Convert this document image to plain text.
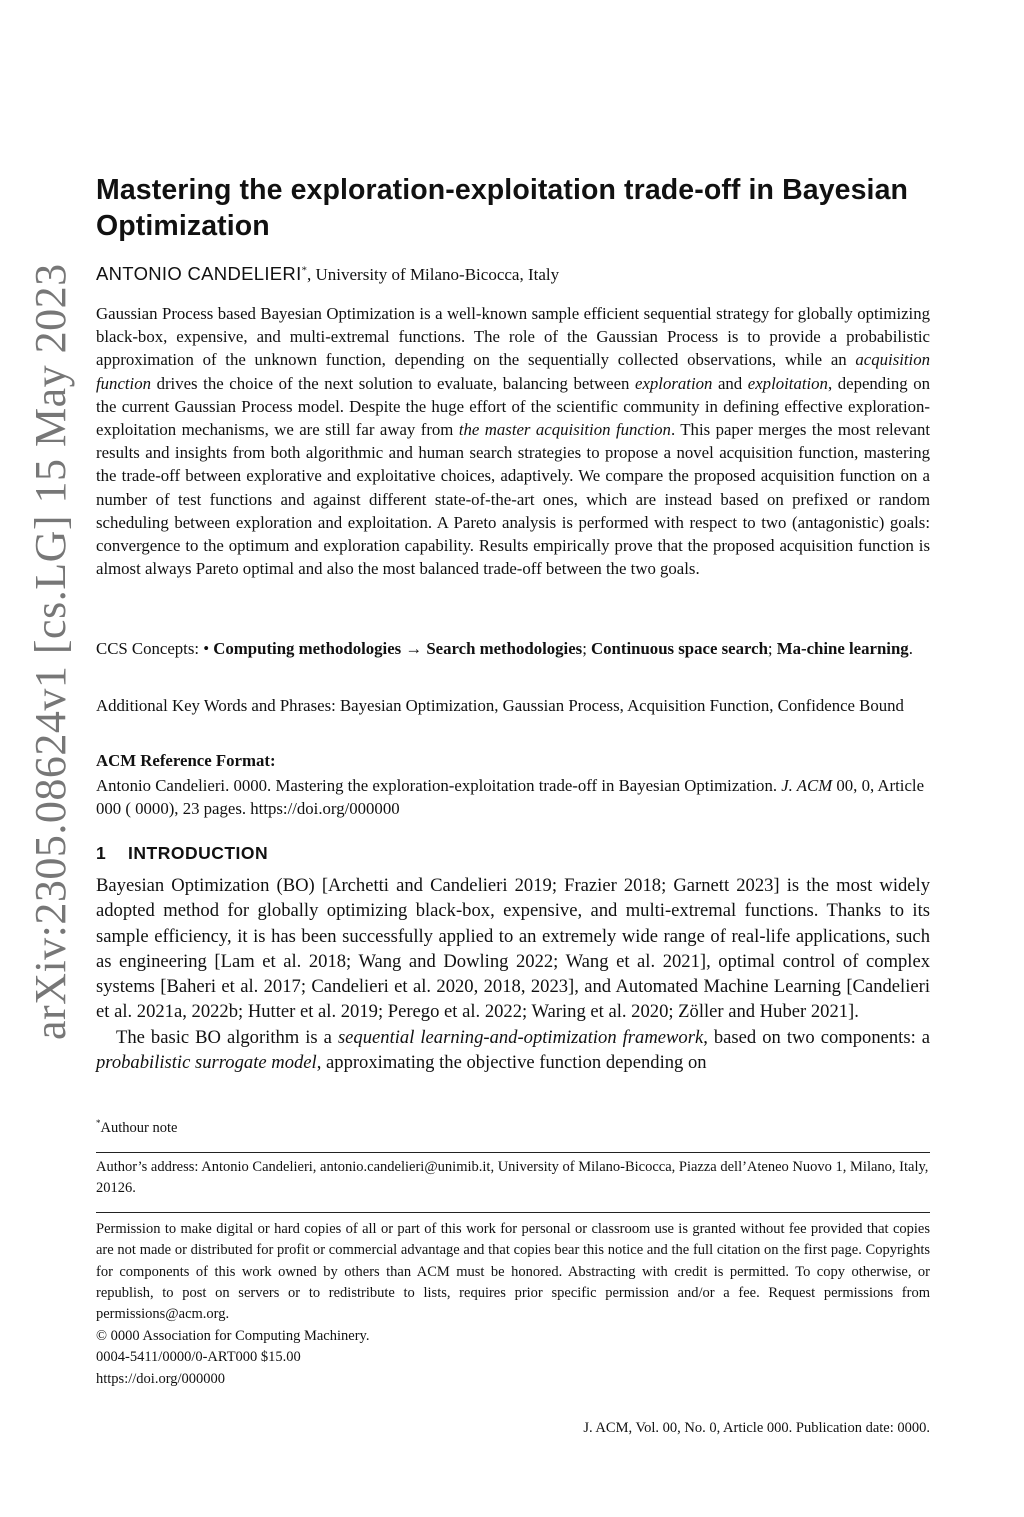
arXiv:2305.08624v1 [cs.LG] 15 May 2023
Mastering the exploration-exploitation trade-off in Bayesian Optimization
ANTONIO CANDELIERI*, University of Milano-Bicocca, Italy
Gaussian Process based Bayesian Optimization is a well-known sample efficient sequential strategy for globally optimizing black-box, expensive, and multi-extremal functions. The role of the Gaussian Process is to provide a probabilistic approximation of the unknown function, depending on the sequentially collected observations, while an acquisition function drives the choice of the next solution to evaluate, balancing between exploration and exploitation, depending on the current Gaussian Process model. Despite the huge effort of the scientific community in defining effective exploration-exploitation mechanisms, we are still far away from the master acquisition function. This paper merges the most relevant results and insights from both algorithmic and human search strategies to propose a novel acquisition function, mastering the trade-off between explorative and exploitative choices, adaptively. We compare the proposed acquisition function on a number of test functions and against different state-of-the-art ones, which are instead based on prefixed or random scheduling between exploration and exploitation. A Pareto analysis is performed with respect to two (antagonistic) goals: convergence to the optimum and exploration capability. Results empirically prove that the proposed acquisition function is almost always Pareto optimal and also the most balanced trade-off between the two goals.
CCS Concepts: • Computing methodologies → Search methodologies; Continuous space search; Ma-chine learning.
Additional Key Words and Phrases: Bayesian Optimization, Gaussian Process, Acquisition Function, Confidence Bound
ACM Reference Format:
Antonio Candelieri. 0000. Mastering the exploration-exploitation trade-off in Bayesian Optimization. J. ACM 00, 0, Article 000 ( 0000), 23 pages. https://doi.org/000000
1 INTRODUCTION

Bayesian Optimization (BO) [Archetti and Candelieri 2019; Frazier 2018; Garnett 2023] is the most widely adopted method for globally optimizing black-box, expensive, and multi-extremal functions. Thanks to its sample efficiency, it is has been successfully applied to an extremely wide range of real-life applications, such as engineering [Lam et al. 2018; Wang and Dowling 2022; Wang et al. 2021], optimal control of complex systems [Baheri et al. 2017; Candelieri et al. 2020, 2018, 2023], and Automated Machine Learning [Candelieri et al. 2021a, 2022b; Hutter et al. 2019; Perego et al. 2022; Waring et al. 2020; Zöller and Huber 2021].

The basic BO algorithm is a sequential learning-and-optimization framework, based on two components: a probabilistic surrogate model, approximating the objective function depending on

*Authour note
Author’s address: Antonio Candelieri, antonio.candelieri@unimib.it, University of Milano-Bicocca, Piazza dell’Ateneo Nuovo 1, Milano, Italy, 20126.
Permission to make digital or hard copies of all or part of this work for personal or classroom use is granted without fee provided that copies are not made or distributed for profit or commercial advantage and that copies bear this notice and the full citation on the first page. Copyrights for components of this work owned by others than ACM must be honored. Abstracting with credit is permitted. To copy otherwise, or republish, to post on servers or to redistribute to lists, requires prior specific permission and/or a fee. Request permissions from permissions@acm.org.

© 0000 Association for Computing Machinery.

0004-5411/0000/0-ART000 $15.00

https://doi.org/000000

J. ACM, Vol. 00, No. 0, Article 000. Publication date: 0000.
